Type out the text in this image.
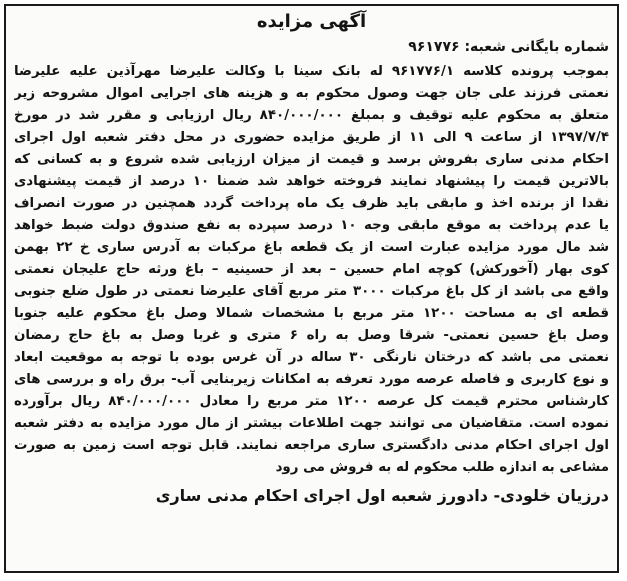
آگهی مزایده

شماره بایگانی شعبه: ۹۶۱۷۷۶

بموجب پرونده کلاسه ۹۶۱۷۷۶/۱ له بانک سینا با وکالت علیرضا مهرآذین علیه علیرضا
نعمتی فرزند علی جان جهت وصول محکوم به و هزینه های اجرایی اموال مشروحه زیر
متعلق به محکوم علیه توقیف و بمبلغ ۸۴۰/۰۰۰/۰۰۰ ریال ارزیابی و مقرر شد در مورخ
۱۳۹۷/۷/۴ از ساعت ۹ الی ۱۱ از طریق مزایده حضوری در محل دفتر شعبه اول اجرای
احکام مدنی ساری بفروش برسد و قیمت از میزان ارزیابی شده شروع و به کسانی که
بالاترین قیمت را پیشنهاد نمایند فروخته خواهد شد ضمنا ۱۰ درصد از قیمت پیشنهادی
نقدا از برنده اخذ و مابقی باید ظرف یک ماه پرداخت گردد همچنین در صورت انصراف
یا عدم پرداخت به موقع مابقی وجه ۱۰ درصد سپرده به نفع صندوق دولت ضبط خواهد
شد مال مورد مزایده عبارت است از یک قطعه باغ مرکبات به آدرس ساری خ ۲۲ بهمن
کوی بهار (آخورکش) کوچه امام حسین – بعد از حسینیه – باغ ورثه حاج علیجان نعمتی
واقع می باشد از کل باغ مرکبات ۳۰۰۰ متر مربع آقای علیرضا نعمتی در طول ضلع جنوبی
قطعه ای به مساحت ۱۲۰۰ متر مربع با مشخصات شمالا وصل باغ محکوم علیه جنوبا
وصل باغ حسین نعمتی- شرقا وصل به راه ۶ متری و غربا وصل به باغ حاج رمضان
نعمتی می باشد که درختان نارنگی ۳۰ ساله در آن غرس بوده با توجه به موقعیت ابعاد
و نوع کاربری و فاصله عرصه مورد تعرفه به امکانات زیربنایی آب- برق راه و بررسی های
کارشناس محترم قیمت کل عرصه ۱۲۰۰ متر مربع را معادل ۸۴۰/۰۰۰/۰۰۰ ریال برآورده
نموده است. متقاضیان می توانند جهت اطلاعات بیشتر از مال مورد مزایده به دفتر شعبه
اول اجرای احکام مدنی دادگستری ساری مراجعه نمایند. قابل توجه است زمین به صورت
مشاعی به اندازه طلب محکوم له به فروش می رود

درزیان خلودی- دادورز شعبه اول اجرای احکام مدنی ساری
